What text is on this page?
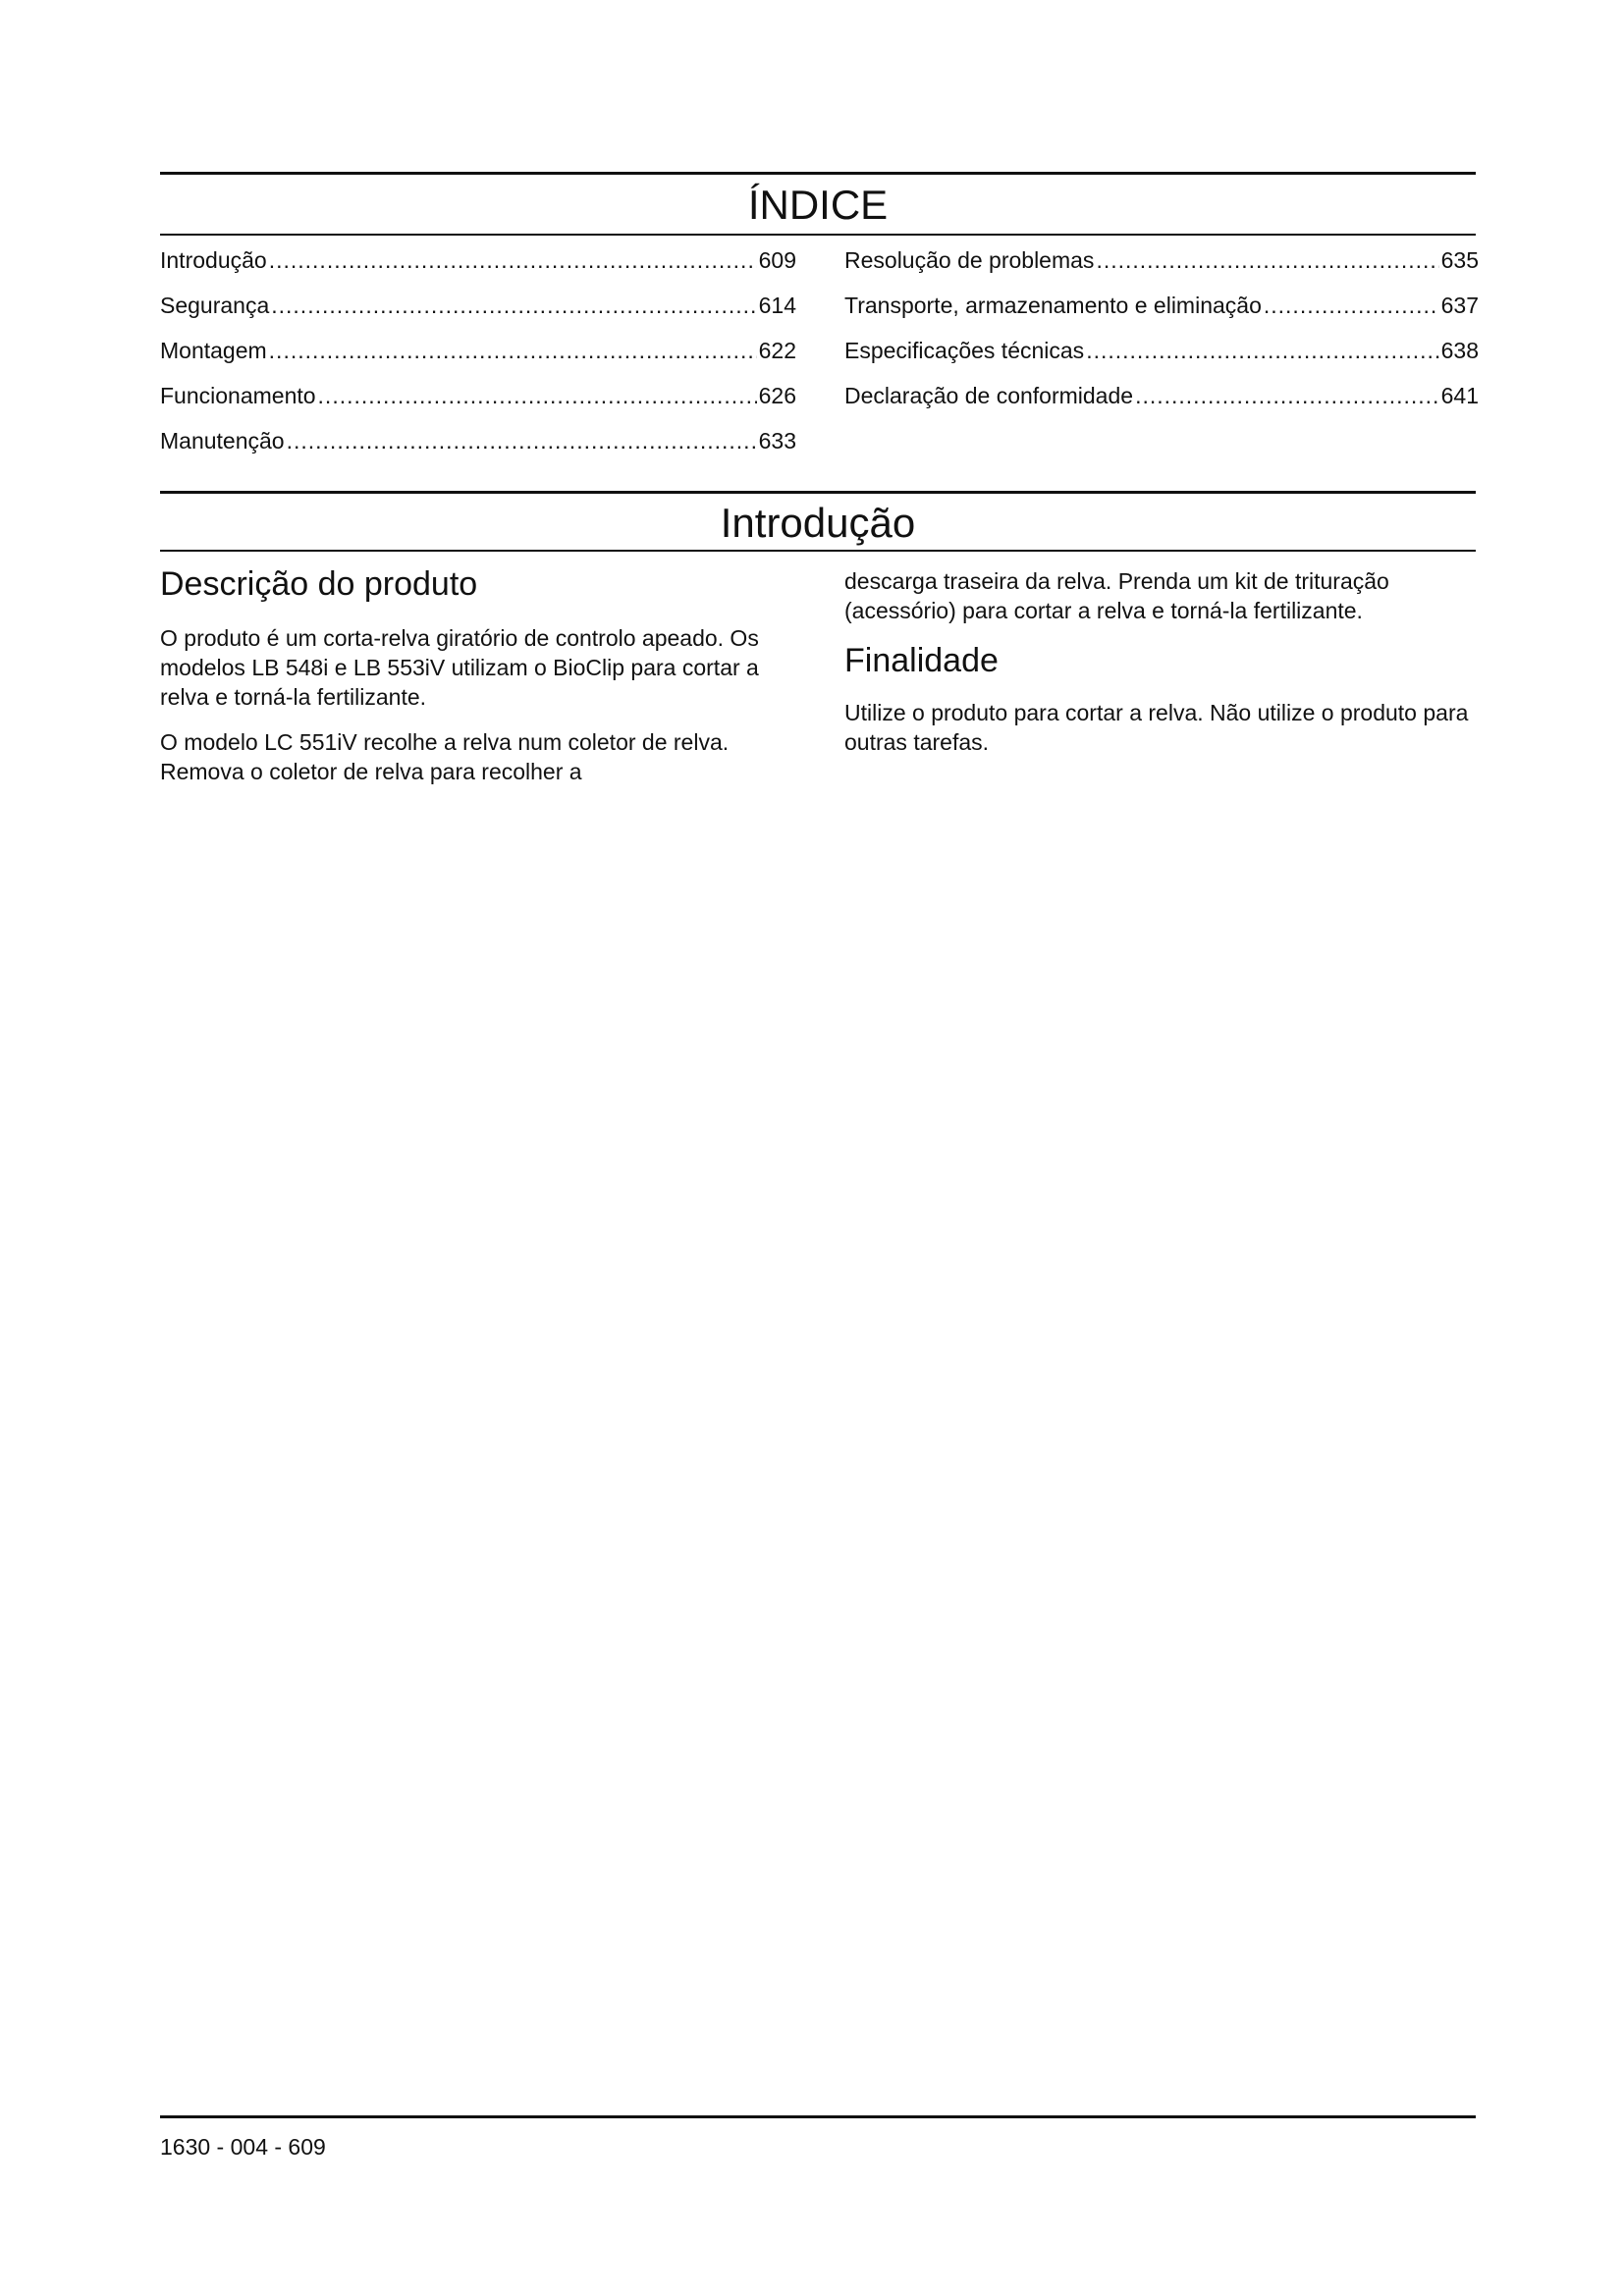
ÍNDICE
Introdução .....	609
Segurança .....	614
Montagem .....	622
Funcionamento .....	626
Manutenção .....	633
Resolução de problemas .....	635
Transporte, armazenamento e eliminação .....	637
Especificações técnicas .....	638
Declaração de conformidade .....	641
Introdução
Descrição do produto

O produto é um corta-relva giratório de controlo apeado. Os modelos LB 548i e LB 553iV utilizam o BioClip para cortar a relva e torná-la fertilizante.

O modelo LC 551iV recolhe a relva num coletor de relva. Remova o coletor de relva para recolher a

descarga traseira da relva. Prenda um kit de trituração (acessório) para cortar a relva e torná-la fertilizante.

Finalidade

Utilize o produto para cortar a relva. Não utilize o produto para outras tarefas.

1630 - 004 - 609
